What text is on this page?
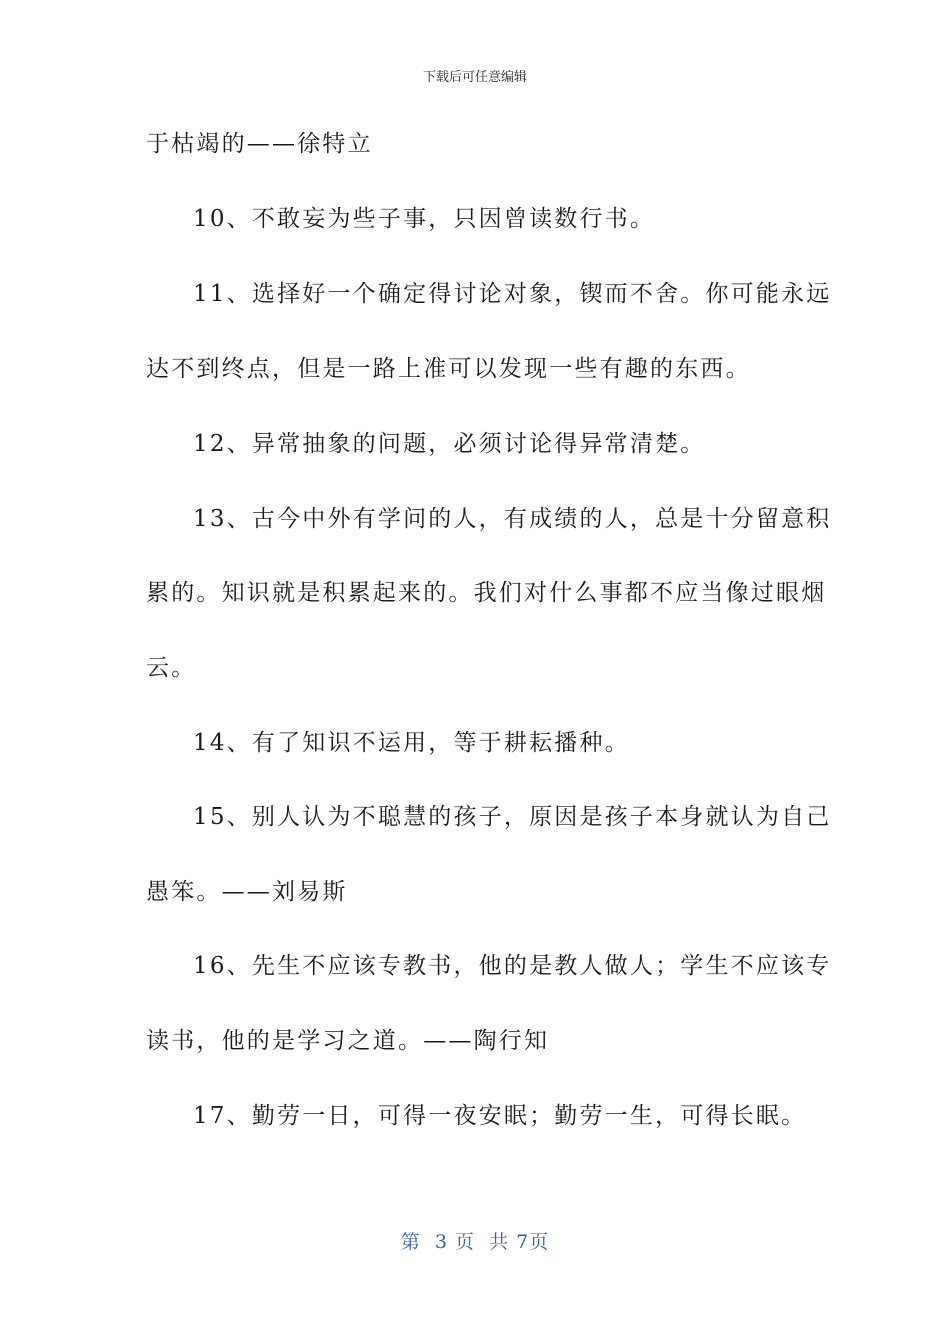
下载后可任意编辑
于枯竭的——徐特立
10、不敢妄为些子事，只因曾读数行书。
11、选择好一个确定得讨论对象，锲而不舍。你可能永远
达不到终点，但是一路上准可以发现一些有趣的东西。
12、异常抽象的问题，必须讨论得异常清楚。
13、古今中外有学问的人，有成绩的人，总是十分留意积
累的。知识就是积累起来的。我们对什么事都不应当像过眼烟
云。
14、有了知识不运用，等于耕耘播种。
15、别人认为不聪慧的孩子，原因是孩子本身就认为自己
愚笨。——刘易斯
16、先生不应该专教书，他的是教人做人；学生不应该专
读书，他的是学习之道。——陶行知
17、勤劳一日，可得一夜安眠；勤劳一生，可得长眠。
第  3 页  共 7页
